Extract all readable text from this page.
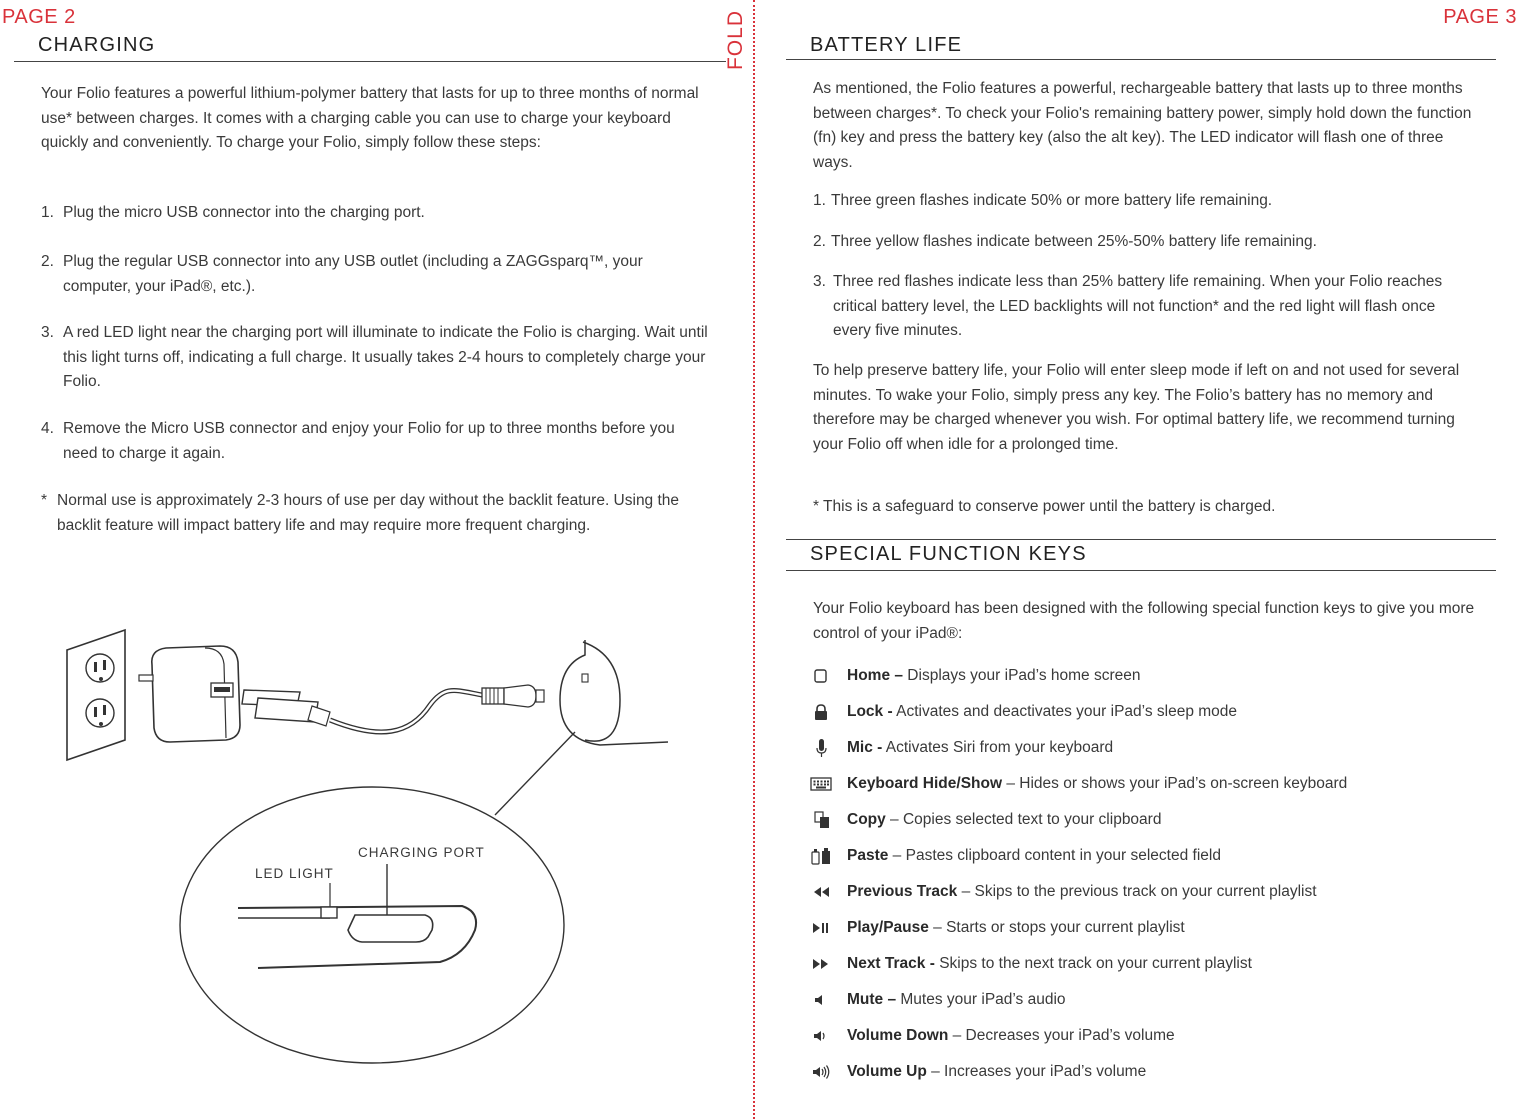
PAGE 2
CHARGING

Your Folio features a powerful lithium-polymer battery that lasts for up to three months of normal use* between charges. It comes with a charging cable you can use to charge your keyboard quickly and conveniently. To charge your Folio, simply follow these steps:

1. Plug the micro USB connector into the charging port.
2. Plug the regular USB connector into any USB outlet (including a ZAGGsparq™, your computer, your iPad®, etc.).
3. A red LED light near the charging port will illuminate to indicate the Folio is charging. Wait until this light turns off, indicating a full charge. It usually takes 2-4 hours to completely charge your Folio.
4. Remove the Micro USB connector and enjoy your Folio for up to three months before you need to charge it again.
* Normal use is approximately 2-3 hours of use per day without the backlit feature. Using the backlit feature will impact battery life and may require more frequent charging.
CHARGING PORT
LED LIGHT
FOLD	PAGE 3
BATTERY LIFE

As mentioned, the Folio features a powerful, rechargeable battery that lasts up to three months between charges*. To check your Folio's remaining battery power, simply hold down the function (fn) key and press the battery key (also the alt key). The LED indicator will flash one of three ways.

1. Three green flashes indicate 50% or more battery life remaining.
2. Three yellow flashes indicate between 25%-50% battery life remaining.
3. Three red flashes indicate less than 25% battery life remaining. When your Folio reaches critical battery level, the LED backlights will not function* and the red light will flash once every five minutes.

To help preserve battery life, your Folio will enter sleep mode if left on and not used for several minutes. To wake your Folio, simply press any key. The Folio’s battery has no memory and therefore may be charged whenever you wish. For optimal battery life, we recommend turning your Folio off when idle for a prolonged time.

* This is a safeguard to conserve power until the battery is charged.

SPECIAL FUNCTION KEYS

Your Folio keyboard has been designed with the following special function keys to give you more control of your iPad®:

Home – Displays your iPad’s home screen
Lock - Activates and deactivates your iPad’s sleep mode
Mic - Activates Siri from your keyboard
Keyboard Hide/Show – Hides or shows your iPad’s on-screen keyboard
Copy – Copies selected text to your clipboard
Paste – Pastes clipboard content in your selected field
Previous Track – Skips to the previous track on your current playlist
Play/Pause – Starts or stops your current playlist
Next Track - Skips to the next track on your current playlist
Mute – Mutes your iPad’s audio
Volume Down – Decreases your iPad’s volume
Volume Up – Increases your iPad’s volume
